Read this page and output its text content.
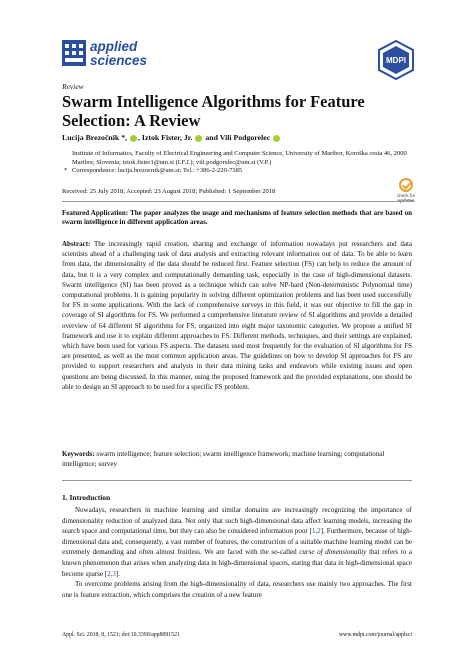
applied
sciences	MDPI
Review
Swarm Intelligence Algorithms for Feature Selection: A Review
Lucija Brezočnik *, , Iztok Fister, Jr. and Vili Podgorelec
Institute of Informatics, Faculty of Electrical Engineering and Computer Science, University of Maribor, Koroška cesta 46, 2000 Maribor, Slovenia; iztok.fister1@um.si (I.F.J.); vili.podgorelec@um.si (V.P.)
* Correspondence: lucija.brezocnik@um.si; Tel.: +386-2-220-7385
Received: 25 July 2018; Accepted: 23 August 2018; Published: 1 September 2018
check for
updates
Featured Application: The paper analyzes the usage and mechanisms of feature selection methods that are based on swarm intelligence in different application areas.
Abstract: The increasingly rapid creation, sharing and exchange of information nowadays put researchers and data scientists ahead of a challenging task of data analysis and extracting relevant information out of data. To be able to learn from data, the dimensionality of the data should be reduced first. Feature selection (FS) can help to reduce the amount of data, but it is a very complex and computationally demanding task, especially in the case of high-dimensional datasets. Swarm intelligence (SI) has been proved as a technique which can solve NP-hard (Non-deterministic Polynomial time) computational problems. It is gaining popularity in solving different optimization problems and has been used successfully for FS in some applications. With the lack of comprehensive surveys in this field, it was our objective to fill the gap in coverage of SI algorithms for FS. We performed a comprehensive literature review of SI algorithms and provide a detailed overview of 64 different SI algorithms for FS, organized into eight major taxonomic categories. We propose a unified SI framework and use it to explain different approaches to FS. Different methods, techniques, and their settings are explained, which have been used for various FS aspects. The datasets used most frequently for the evaluation of SI algorithms for FS are presented, as well as the most common application areas. The guidelines on how to develop SI approaches for FS are provided to support researchers and analysts in their data mining tasks and endeavors while existing issues and open questions are being discussed. In this manner, using the proposed framework and the provided explanations, one should be able to design an SI approach to be used for a specific FS problem.
Keywords: swarm intelligence; feature selection; swarm intelligence framework; machine learning; computational intelligence; survey
1. Introduction

Nowadays, researchers in machine learning and similar domains are increasingly recognizing the importance of dimensionality reduction of analyzed data. Not only that such high-dimensional data affect learning models, increasing the search space and computational time, but they can also be considered information poor [1,2]. Furthermore, because of high-dimensional data and, consequently, a vast number of features, the construction of a suitable machine learning model can be extremely demanding and often almost fruitless. We are faced with the so-called curse of dimensionality that refers to a known phenomenon that arises when analyzing data in high-dimensional spaces, stating that data in high-dimensional space become sparse [2,3].

To overcome problems arising from the high-dimensionality of data, researchers use mainly two approaches. The first one is feature extraction, which comprises the creation of a new feature

Appl. Sci. 2018, 8, 1521; doi:10.3390/app8091521	www.mdpi.com/journal/applsci
